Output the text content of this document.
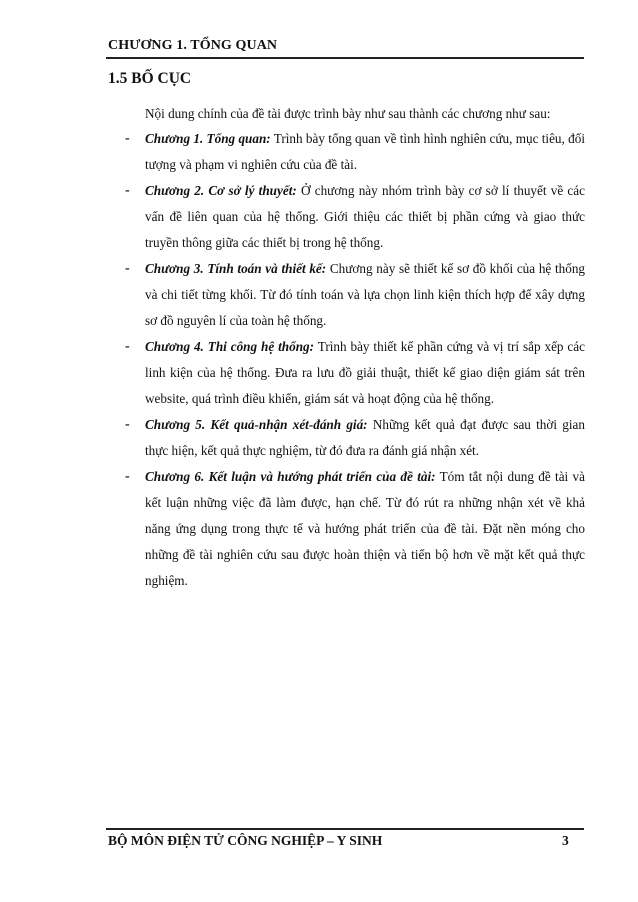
CHƯƠNG 1. TỔNG QUAN
1.5 BỐ CỤC

Nội dung chính của đề tài được trình bày như sau thành các chương như sau:

- Chương 1. Tổng quan: Trình bày tổng quan về tình hình nghiên cứu, mục tiêu, đối tượng và phạm vi nghiên cứu của đề tài.

- Chương 2. Cơ sở lý thuyết: Ở chương này nhóm trình bày cơ sở lí thuyết về các vấn đề liên quan của hệ thống. Giới thiệu các thiết bị phần cứng và giao thức truyền thông giữa các thiết bị trong hệ thống.

- Chương 3. Tính toán và thiết kế: Chương này sẽ thiết kế sơ đồ khối của hệ thống và chi tiết từng khối. Từ đó tính toán và lựa chọn linh kiện thích hợp để xây dựng sơ đồ nguyên lí của toàn hệ thống.

- Chương 4. Thi công hệ thống: Trình bày thiết kế phần cứng và vị trí sắp xếp các linh kiện của hệ thống. Đưa ra lưu đồ giải thuật, thiết kế giao diện giám sát trên website, quá trình điều khiển, giám sát và hoạt động của hệ thống.

- Chương 5. Kết quả-nhận xét-đánh giá: Những kết quả đạt được sau thời gian thực hiện, kết quả thực nghiệm, từ đó đưa ra đánh giá nhận xét.

- Chương 6. Kết luận và hướng phát triển của đề tài: Tóm tắt nội dung đề tài và kết luận những việc đã làm được, hạn chế. Từ đó rút ra những nhận xét về khả năng ứng dụng trong thực tế và hướng phát triển của đề tài. Đặt nền móng cho những đề tài nghiên cứu sau được hoàn thiện và tiến bộ hơn về mặt kết quả thực nghiệm.

BỘ MÔN ĐIỆN TỬ CÔNG NGHIỆP – Y SINH	3
